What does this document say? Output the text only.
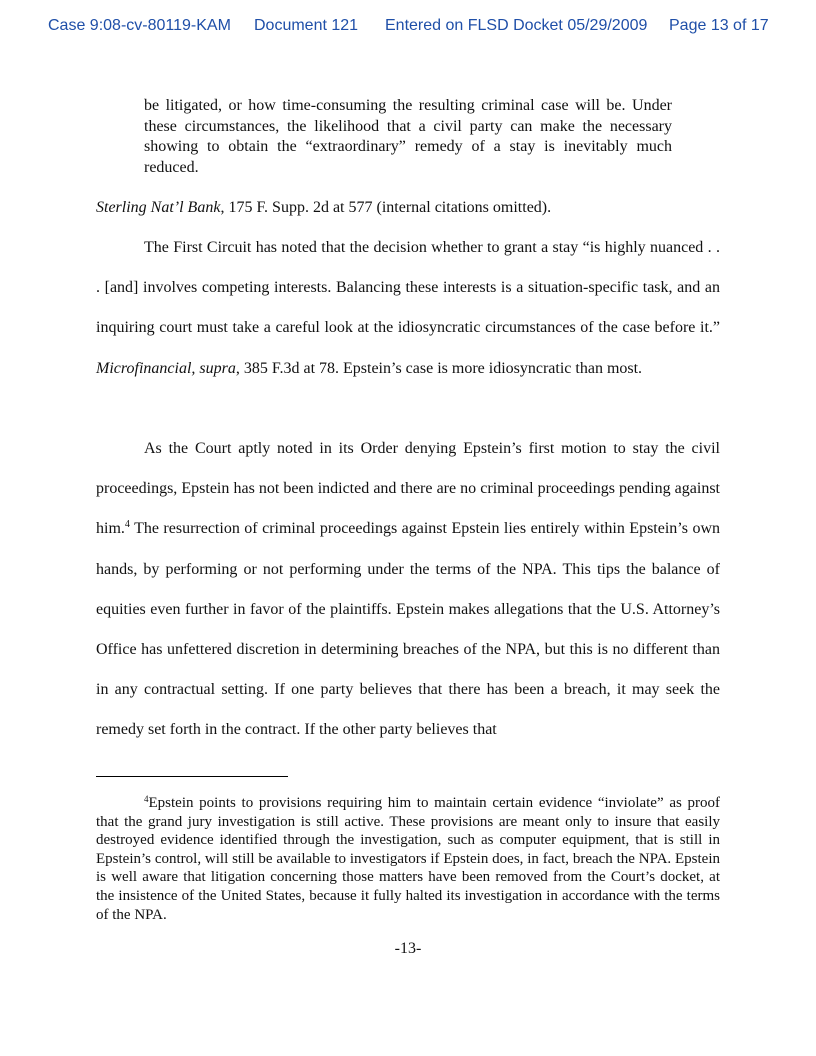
Case 9:08-cv-80119-KAM Document 121 Entered on FLSD Docket 05/29/2009 Page 13 of 17
be litigated, or how time-consuming the resulting criminal case will be. Under these circumstances, the likelihood that a civil party can make the necessary showing to obtain the “extraordinary” remedy of a stay is inevitably much reduced.
Sterling Nat’l Bank, 175 F. Supp. 2d at 577 (internal citations omitted).
The First Circuit has noted that the decision whether to grant a stay “is highly nuanced . . . [and] involves competing interests. Balancing these interests is a situation-specific task, and an inquiring court must take a careful look at the idiosyncratic circumstances of the case before it.” Microfinancial, supra, 385 F.3d at 78. Epstein’s case is more idiosyncratic than most.
As the Court aptly noted in its Order denying Epstein’s first motion to stay the civil proceedings, Epstein has not been indicted and there are no criminal proceedings pending against him.$^4$ The resurrection of criminal proceedings against Epstein lies entirely within Epstein’s own hands, by performing or not performing under the terms of the NPA. This tips the balance of equities even further in favor of the plaintiffs. Epstein makes allegations that the U.S. Attorney’s Office has unfettered discretion in determining breaches of the NPA, but this is no different than in any contractual setting. If one party believes that there has been a breach, it may seek the remedy set forth in the contract. If the other party believes that
$^4$Epstein points to provisions requiring him to maintain certain evidence “inviolate” as proof that the grand jury investigation is still active. These provisions are meant only to insure that easily destroyed evidence identified through the investigation, such as computer equipment, that is still in Epstein’s control, will still be available to investigators if Epstein does, in fact, breach the NPA. Epstein is well aware that litigation concerning those matters have been removed from the Court’s docket, at the insistence of the United States, because it fully halted its investigation in accordance with the terms of the NPA.
-13-
